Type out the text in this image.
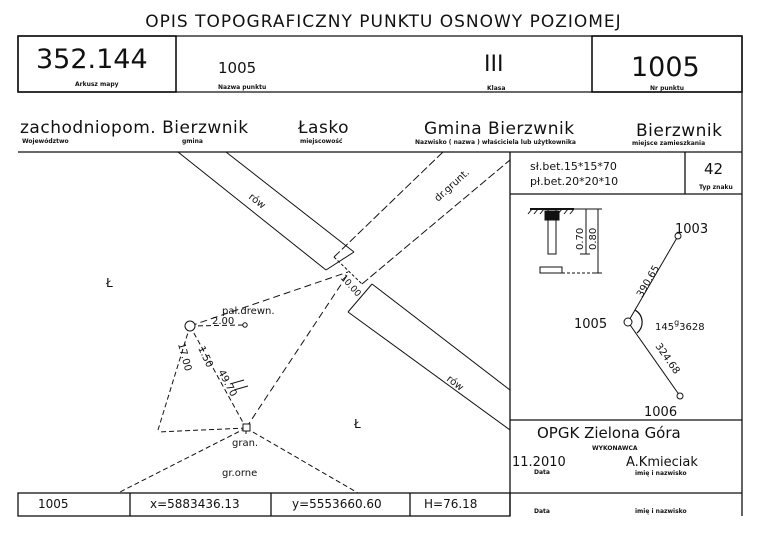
OPIS TOPOGRAFICZNY PUNKTU OSNOWY POZIOMEJ
352.144
Arkusz mapy
1005
Nazwa punktu
III
Klasa
1005
Nr punktu
zachodniopom. Bierzwnik
Województwo	gmina
Łasko
miejscowość
Gmina Bierzwnik
Nazwisko ( nazwa ) właściciela lub użytkownika
Bierzwnik
miejsce zamieszkania
sł.bet.15*15*70
pł.bet.20*20*10
42
Typ znaku
0.70 0.80	1003
1005
1006
390.65
324.68
145$^g$3628
rów
rów
dr.grunt.
10.00
pal.drewn.
2.00
Ł
Ł
17.00 1.50
49.70
gran.
gr.orne
OPGK Zielona Góra
WYKONAWCA
11.2010
Data
A.Kmieciak
imię i nazwisko
Data	imię i nazwisko
1005	x=5883436.13	y=5553660.60	H=76.18
